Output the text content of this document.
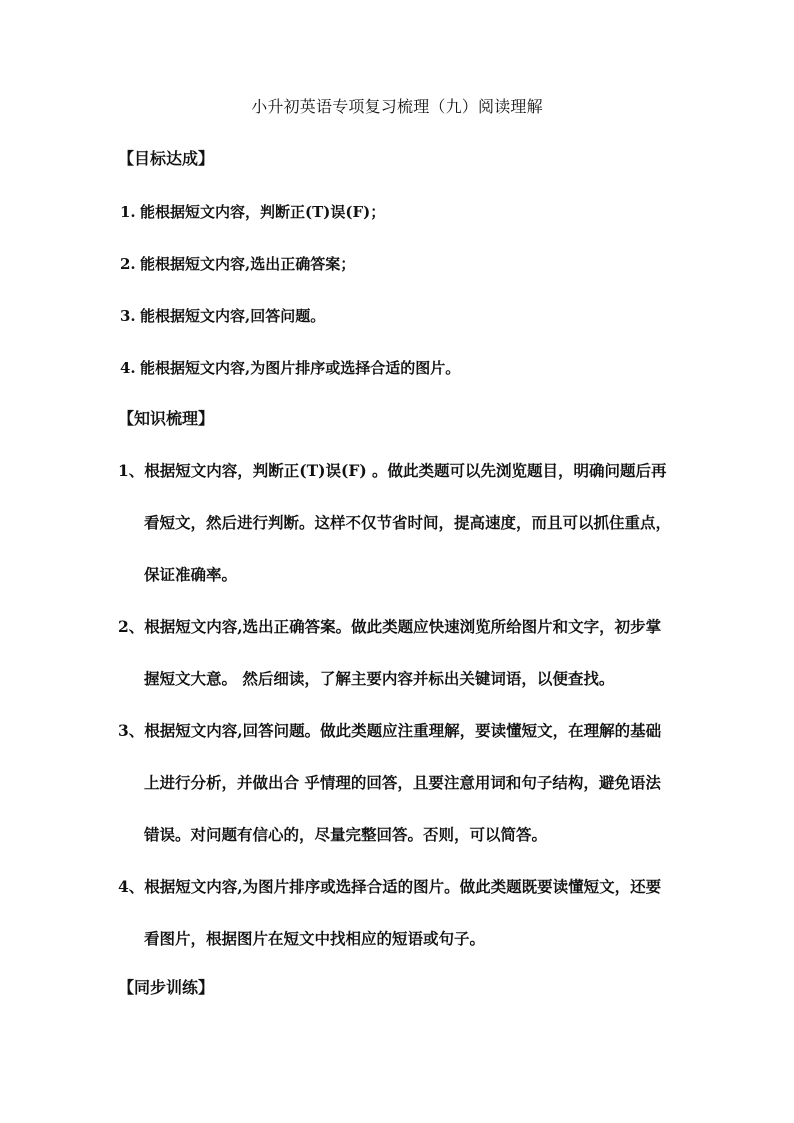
小升初英语专项复习梳理（九）阅读理解
【目标达成】
1. 能根据短文内容，判断正(T)误(F)；
2. 能根据短文内容,选出正确答案；
3. 能根据短文内容,回答问题。
4. 能根据短文内容,为图片排序或选择合适的图片。
【知识梳理】
1、根据短文内容，判断正(T)误(F) 。做此类题可以先浏览题目，明确问题后再
看短文，然后进行判断。这样不仅节省时间，提高速度，而且可以抓住重点，
保证准确率。
2、根据短文内容,选出正确答案。做此类题应快速浏览所给图片和文字，初步掌
握短文大意。 然后细读，了解主要内容并标出关键词语，以便查找。
3、根据短文内容,回答问题。做此类题应注重理解，要读懂短文，在理解的基础
上进行分析，并做出合 乎情理的回答，且要注意用词和句子结构，避免语法
错误。对问题有信心的，尽量完整回答。否则，可以简答。
4、根据短文内容,为图片排序或选择合适的图片。做此类题既要读懂短文，还要
看图片，根据图片在短文中找相应的短语或句子。
【同步训练】
